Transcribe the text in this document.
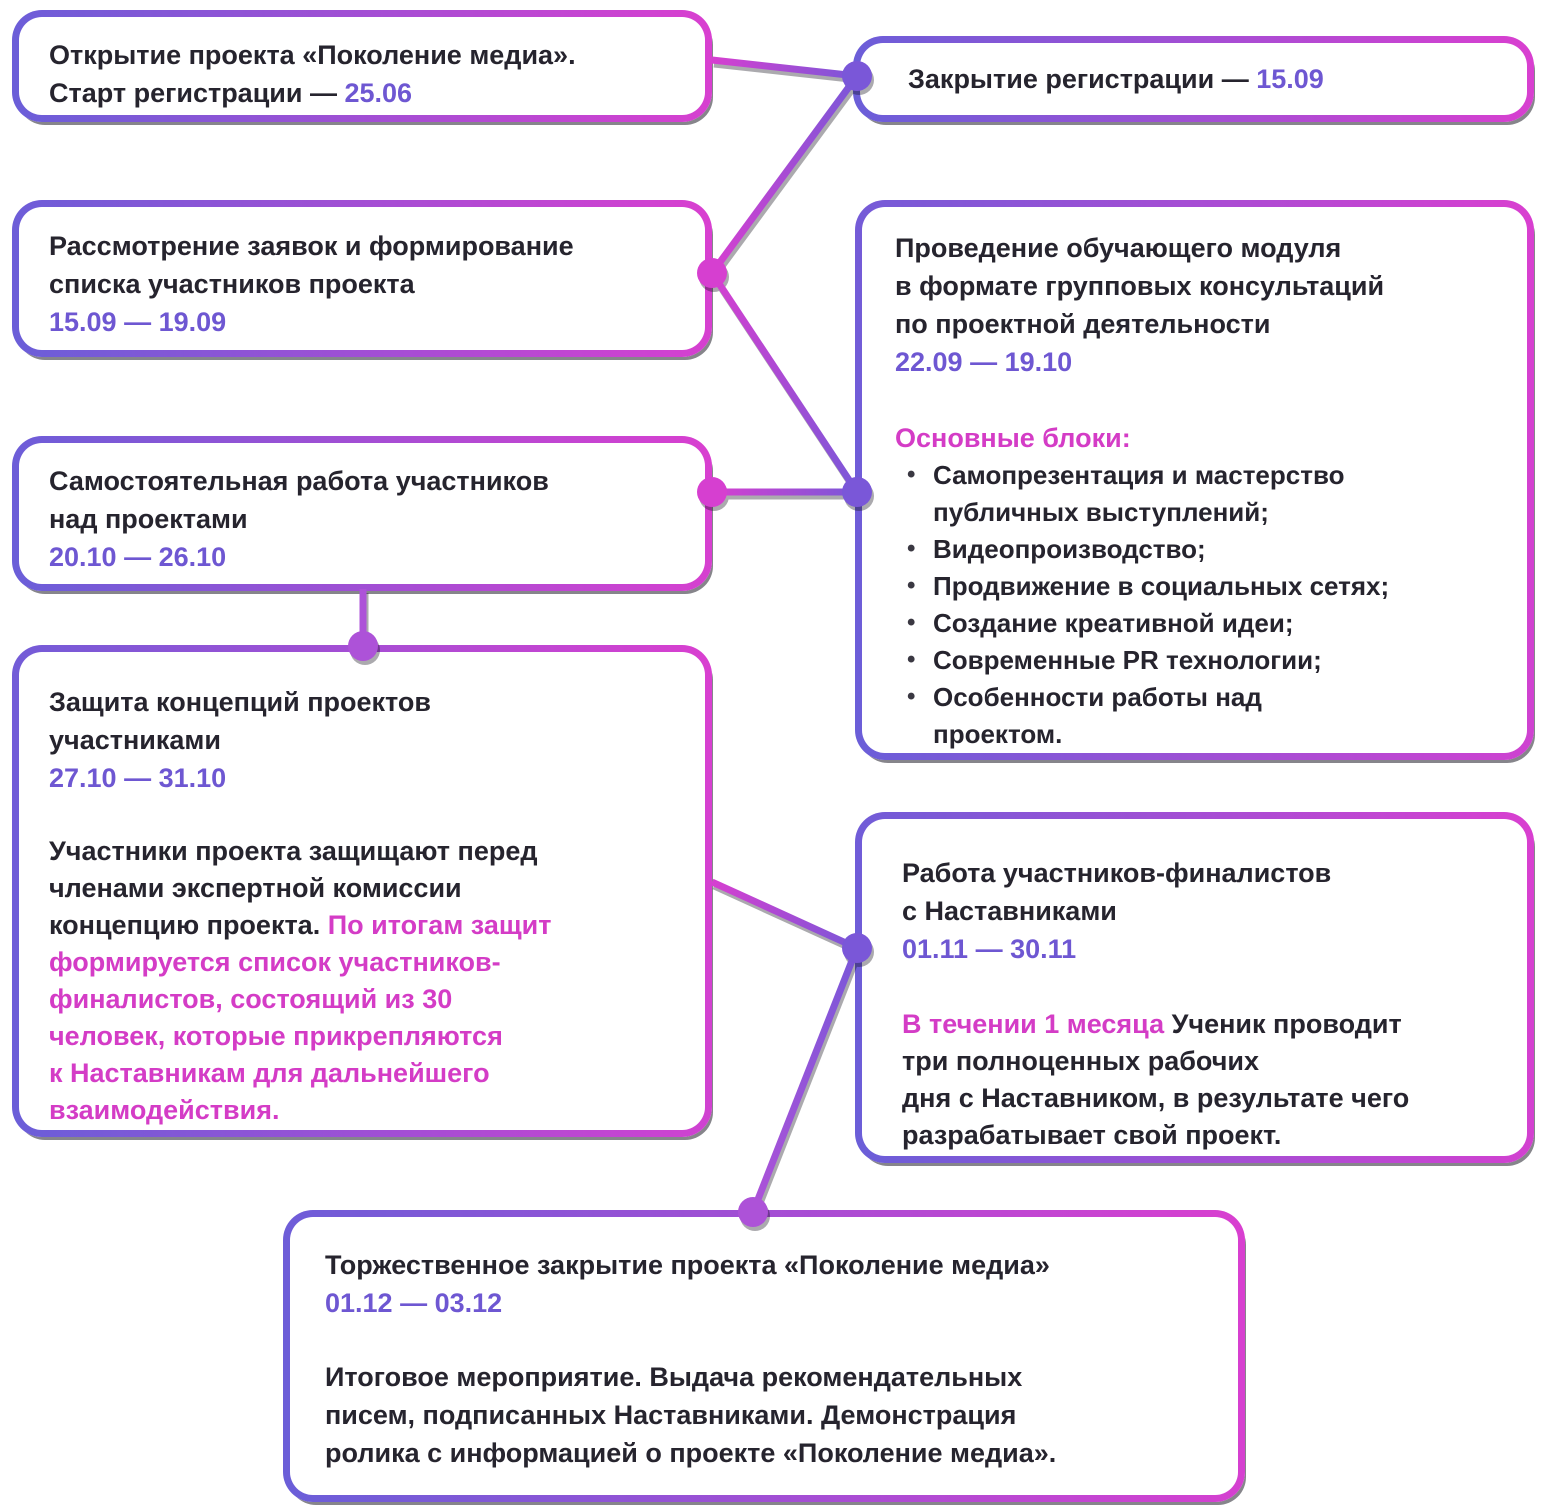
Открытие проекта «Поколение медиа».
Старт регистрации — 25.06	Закрытие регистрации — 15.09
Рассмотрение заявок и формирование
списка участников проекта
15.09 — 19.09
Проведение обучающего модуля
в формате групповых консультаций
по проектной деятельности
22.09 — 19.10
Основные блоки:
• Самопрезентация и мастерство
публичных выступлений;
• Видеопроизводство;
• Продвижение в социальных сетях;
• Создание креативной идеи;
• Современные PR технологии;
• Особенности работы над
проектом.
Самостоятельная работа участников
над проектами
20.10 — 26.10
Защита концепций проектов
участниками
27.10 — 31.10
Участники проекта защищают перед
членами экспертной комиссии
концепцию проекта. По итогам защит
формируется список участников-
финалистов, состоящий из 30
человек, которые прикрепляются
к Наставникам для дальнейшего
взаимодействия.
Работа участников-финалистов
с Наставниками
01.11 — 30.11
В течении 1 месяца Ученик проводит
три полноценных рабочих
дня с Наставником, в результате чего
разрабатывает свой проект.
Торжественное закрытие проекта «Поколение медиа»
01.12 — 03.12
Итоговое мероприятие. Выдача рекомендательных
писем, подписанных Наставниками. Демонстрация
ролика с информацией о проекте «Поколение медиа».
